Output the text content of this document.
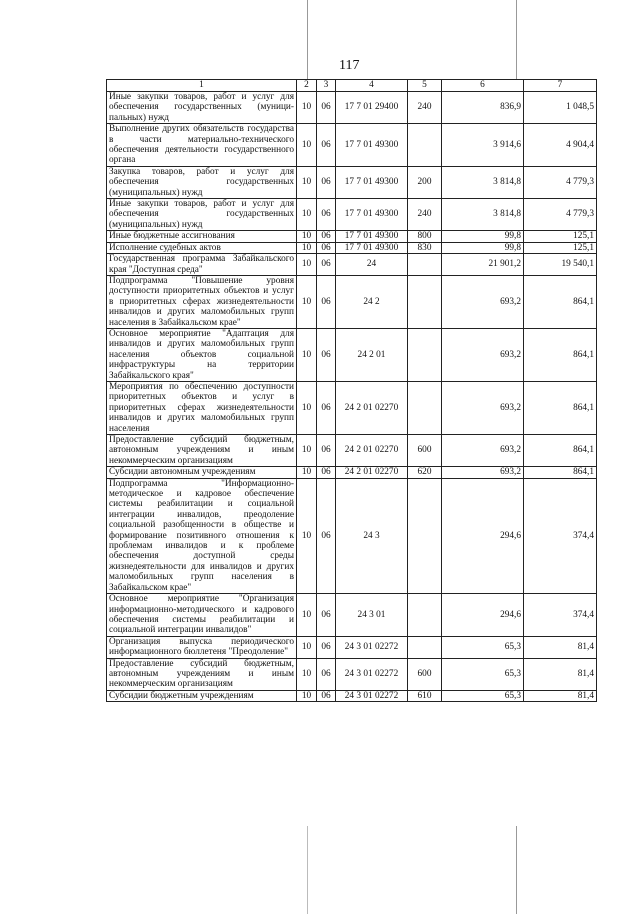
117
1	2	3	4	5	6	7
Иные закупки товаров, работ и услуг для обеспечения государственных (муници-пальных) нужд	10	06	17 7 01 29400	240	836,9	1 048,5
Выполнение других обязательств государства в части материально-технического обеспечения деятельности государственного органа	10	06	17 7 01 49300		3 914,6	4 904,4
Закупка товаров, работ и услуг для обеспечения государственных (муниципальных) нужд	10	06	17 7 01 49300	200	3 814,8	4 779,3
Иные закупки товаров, работ и услуг для обеспечения государственных (муниципальных) нужд	10	06	17 7 01 49300	240	3 814,8	4 779,3
Иные бюджетные ассигнования	10	06	17 7 01 49300	800	99,8	125,1
Исполнение судебных актов	10	06	17 7 01 49300	830	99,8	125,1
Государственная программа Забайкальского края "Доступная среда"	10	06	24		21 901,2	19 540,1
Подпрограмма "Повышение уровня доступности приоритетных объектов и услуг в приоритетных сферах жизнедеятельности инвалидов и других маломобильных групп населения в Забайкальском крае"	10	06	24 2		693,2	864,1
Основное мероприятие "Адаптация для инвалидов и других маломобильных групп населения объектов социальной инфраструктуры на территории Забайкальского края"	10	06	24 2 01		693,2	864,1
Мероприятия по обеспечению доступности приоритетных объектов и услуг в приоритетных сферах жизнедеятельности инвалидов и других маломобильных групп населения	10	06	24 2 01 02270		693,2	864,1
Предоставление субсидий бюджетным, автономным учреждениям и иным некоммерческим организациям	10	06	24 2 01 02270	600	693,2	864,1
Субсидии автономным учреждениям	10	06	24 2 01 02270	620	693,2	864,1
Подпрограмма "Информационно-методическое и кадровое обеспечение системы реабилитации и социальной интеграции инвалидов, преодоление социальной разобщенности в обществе и формирование позитивного отношения к проблемам инвалидов и к проблеме обеспечения доступной среды жизнедеятельности для инвалидов и других маломобильных групп населения в Забайкальском крае"	10	06	24 3		294,6	374,4
Основное мероприятие "Организация информационно-методического и кадрового обеспечения системы реабилитации и социальной интеграции инвалидов"	10	06	24 3 01		294,6	374,4
Организация выпуска периодического информационного бюллетеня "Преодоление"	10	06	24 3 01 02272		65,3	81,4
Предоставление субсидий бюджетным, автономным учреждениям и иным некоммерческим организациям	10	06	24 3 01 02272	600	65,3	81,4
Субсидии бюджетным учреждениям	10	06	24 3 01 02272	610	65,3	81,4
